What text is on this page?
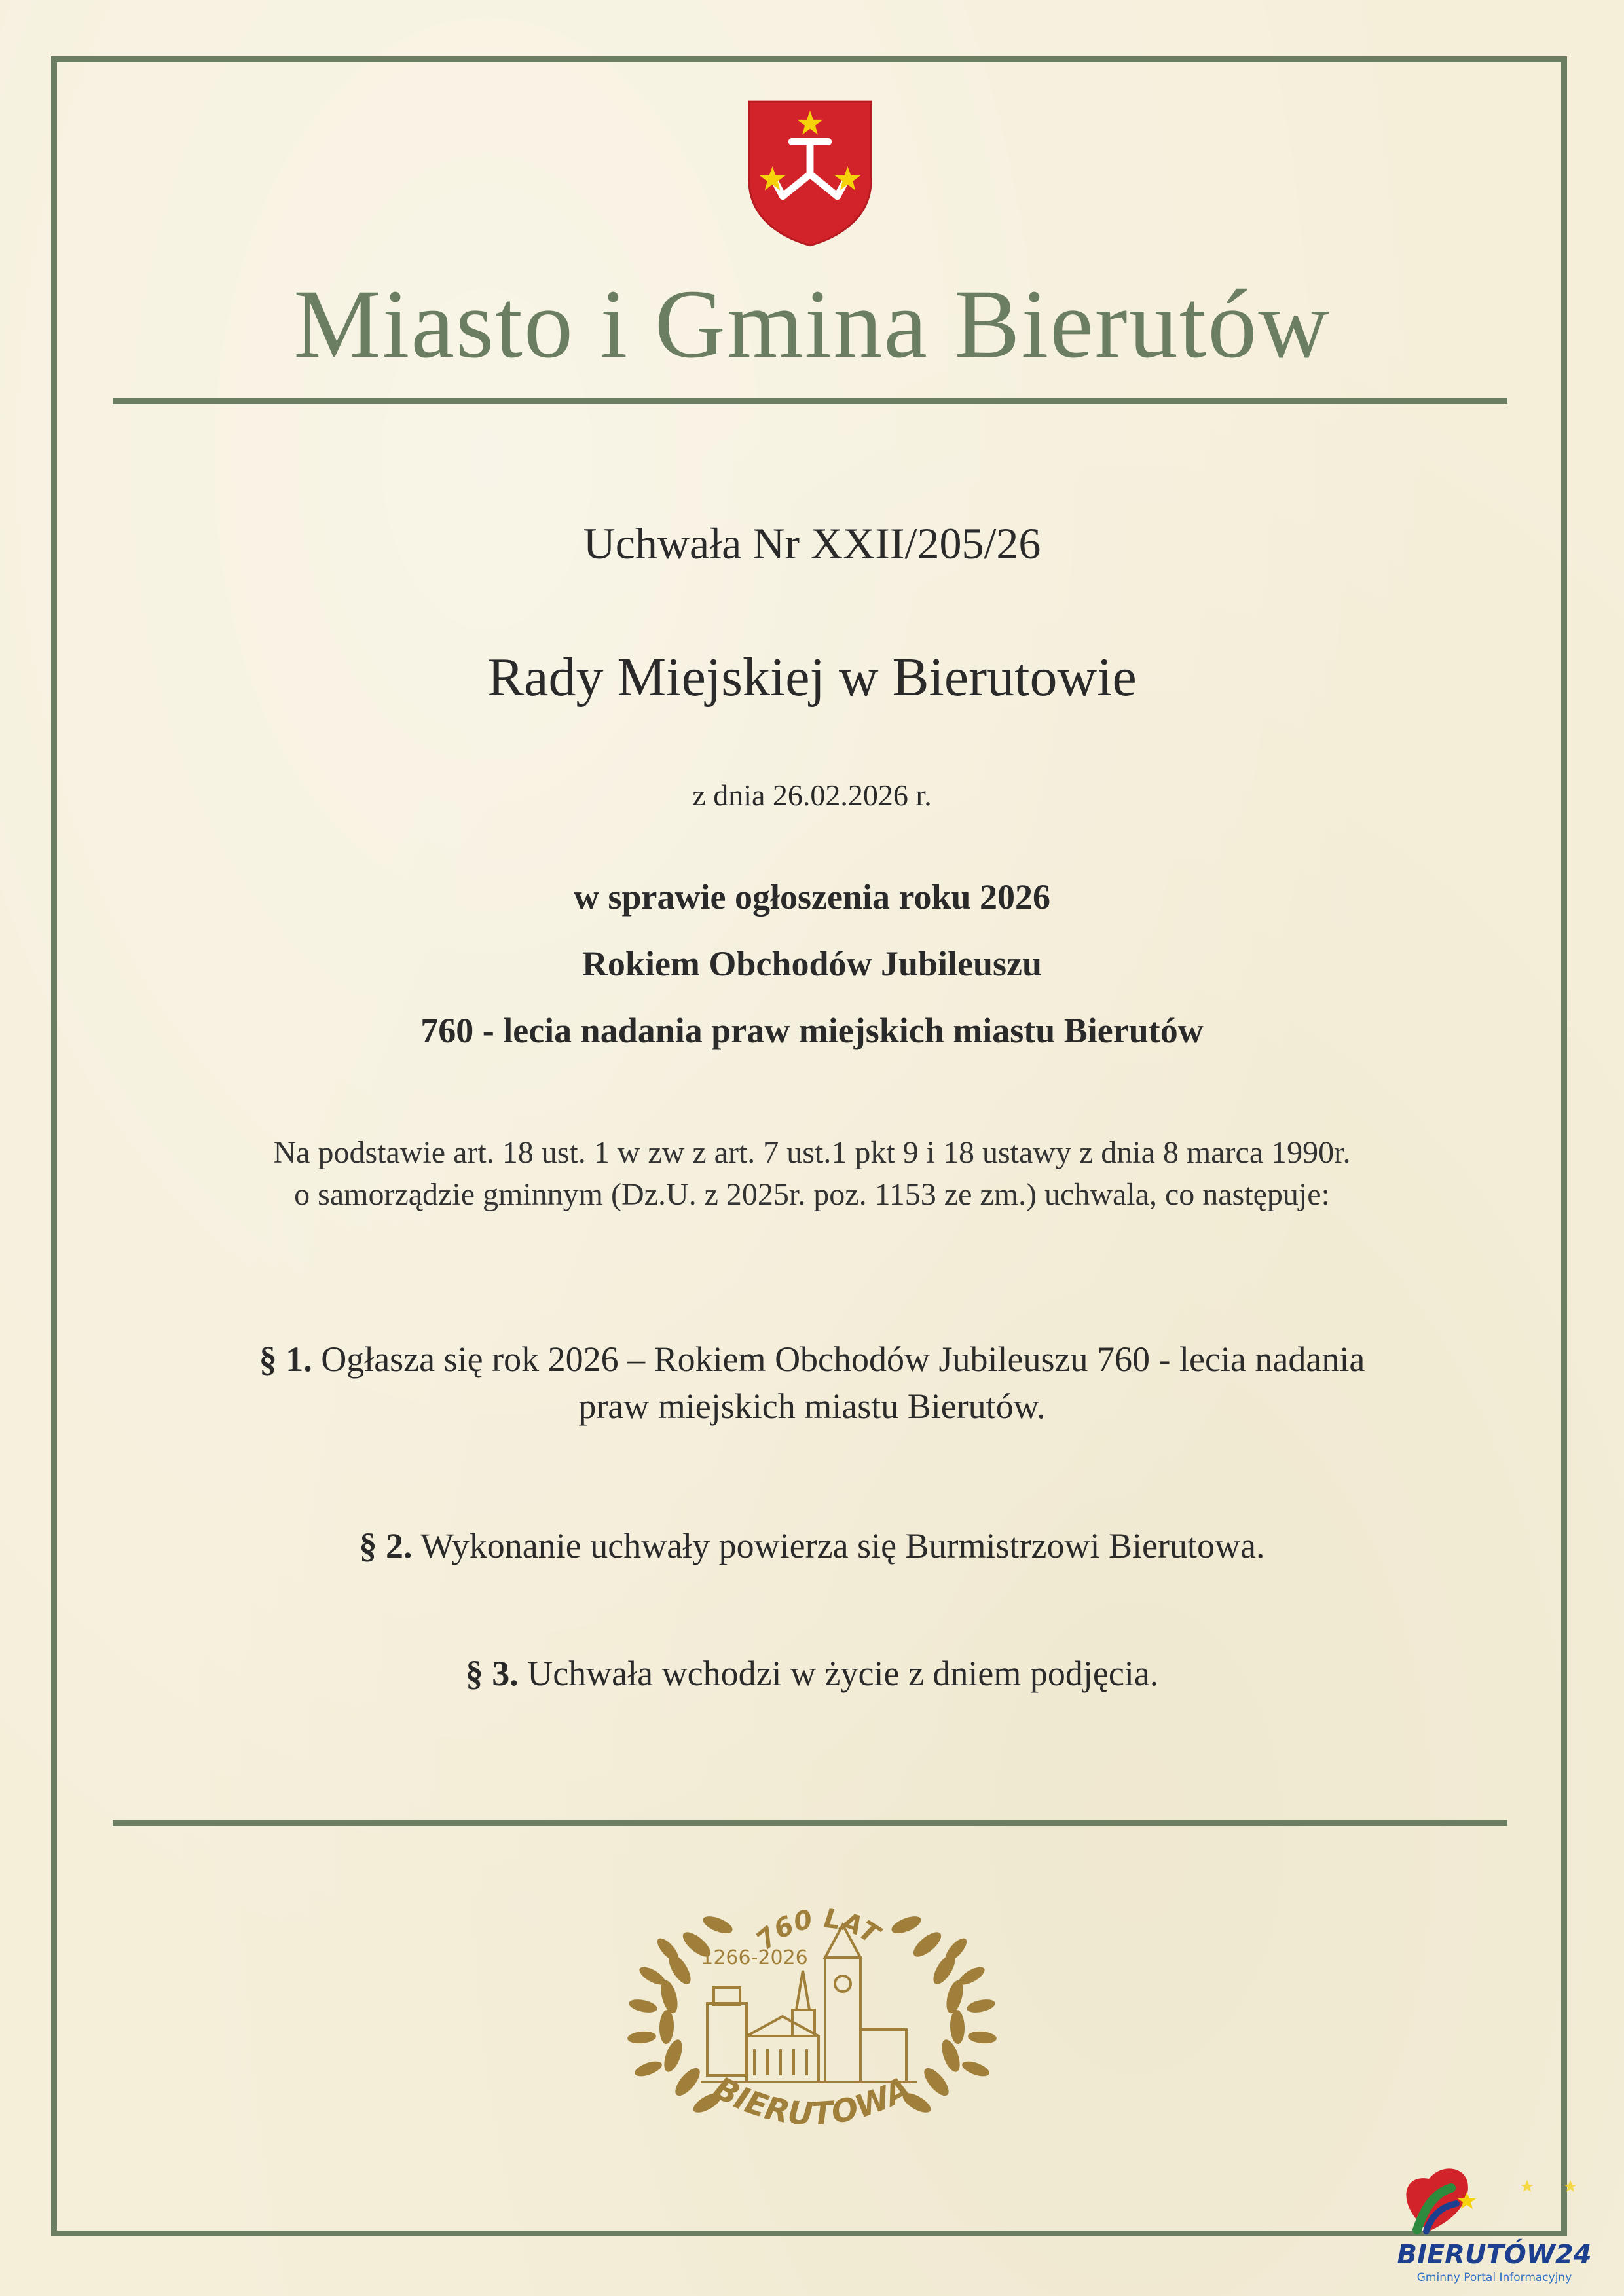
Miasto i Gmina Bierutów
Uchwała Nr XXII/205/26
Rady Miejskiej w Bierutowie
z dnia 26.02.2026 r.
w sprawie ogłoszenia roku 2026
Rokiem Obchodów Jubileuszu
760 - lecia nadania praw miejskich miastu Bierutów
Na podstawie art. 18 ust. 1 w zw z art. 7 ust.1 pkt 9 i 18 ustawy z dnia 8 marca 1990r.
o samorządzie gminnym (Dz.U. z 2025r. poz. 1153 ze zm.) uchwala, co następuje:
§ 1. Ogłasza się rok 2026 – Rokiem Obchodów Jubileuszu 760 - lecia nadania
praw miejskich miastu Bierutów.
§ 2. Wykonanie uchwały powierza się Burmistrzowi Bierutowa.
§ 3. Uchwała wchodzi w życie z dniem podjęcia.
760 LAT
1266-2026
BIERUTOWA
BIERUTÓW24
Gminny Portal Informacyjny
